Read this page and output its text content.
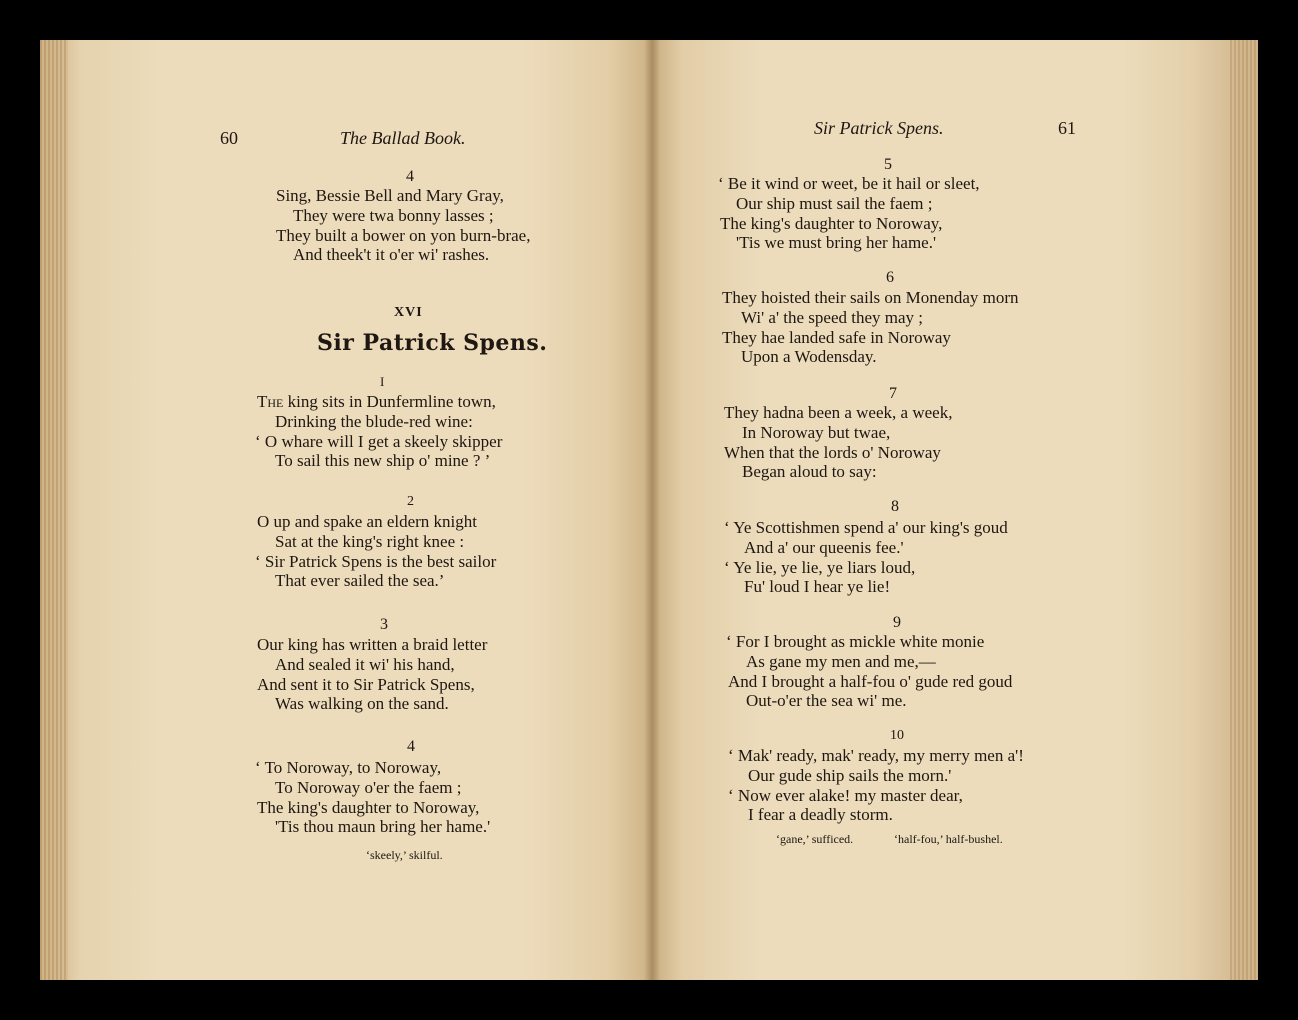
60	The Ballad Book.
4
Sing, Bessie Bell and Mary Gray,
They were twa bonny lasses ;
They built a bower on yon burn-brae,
And theek't it o'er wi' rashes.
XVI
Sir Patrick Spens.
I
The king sits in Dunfermline town,
Drinking the blude-red wine:
‘ O whare will I get a skeely skipper
To sail this new ship o' mine ? ’
2
O up and spake an eldern knight
Sat at the king's right knee :
‘ Sir Patrick Spens is the best sailor
That ever sailed the sea.’
3
Our king has written a braid letter
And sealed it wi' his hand,
And sent it to Sir Patrick Spens,
Was walking on the sand.
4
‘ To Noroway, to Noroway,
To Noroway o'er the faem ;
The king's daughter to Noroway,
'Tis thou maun bring her hame.'
‘skeely,’ skilful.
Sir Patrick Spens.	61
5
‘ Be it wind or weet, be it hail or sleet,
Our ship must sail the faem ;
The king's daughter to Noroway,
'Tis we must bring her hame.'
6
They hoisted their sails on Monenday morn
Wi' a' the speed they may ;
They hae landed safe in Noroway
Upon a Wodensday.
7
They hadna been a week, a week,
In Noroway but twae,
When that the lords o' Noroway
Began aloud to say:
8
‘ Ye Scottishmen spend a' our king's goud
And a' our queenis fee.'
‘ Ye lie, ye lie, ye liars loud,
Fu' loud I hear ye lie!
9
‘ For I brought as mickle white monie
As gane my men and me,—
And I brought a half-fou o' gude red goud
Out-o'er the sea wi' me.
10
‘ Mak' ready, mak' ready, my merry men a'!
Our gude ship sails the morn.'
‘ Now ever alake! my master dear,
I fear a deadly storm.
‘gane,’ sufficed.	‘half-fou,’ half-bushel.
